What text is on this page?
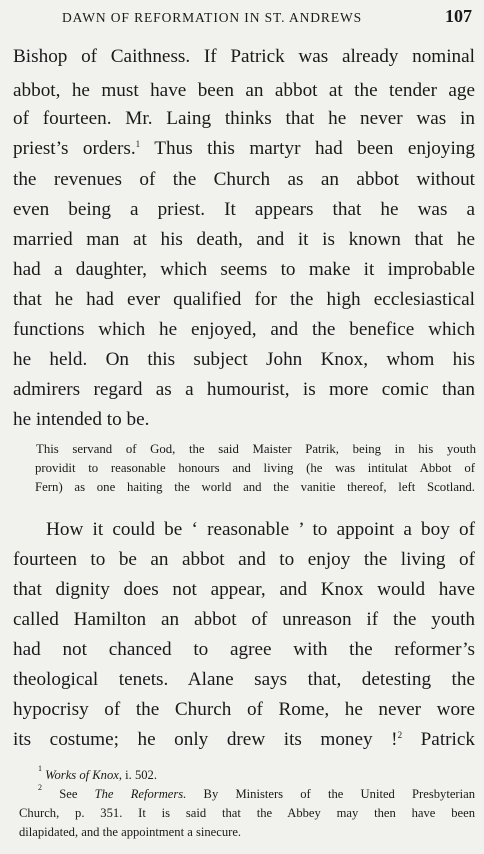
DAWN OF REFORMATION IN ST. ANDREWS	107
Bishop of Caithness. If Patrick was already nominal
abbot, he must have been an abbot at the tender age
of fourteen. Mr. Laing thinks that he never was in
priest’s orders.$^1$ Thus this martyr had been enjoying
the revenues of the Church as an abbot without
even being a priest. It appears that he was a
married man at his death, and it is known that he
had a daughter, which seems to make it improbable
that he had ever qualified for the high ecclesiastical
functions which he enjoyed, and the benefice which
he held. On this subject John Knox, whom his
admirers regard as a humourist, is more comic than
he intended to be.
This servand of God, the said Maister Patrik, being in his youth
providit to reasonable honours and living (he was intitulat Abbot of
Fern) as one haiting the world and the vanitie thereof, left Scotland.
How it could be ‘ reasonable ’ to appoint a boy of
fourteen to be an abbot and to enjoy the living of
that dignity does not appear, and Knox would have
called Hamilton an abbot of unreason if the youth
had not chanced to agree with the reformer’s
theological tenets. Alane says that, detesting the
hypocrisy of the Church of Rome, he never wore
its costume; he only drew its money !$^2$ Patrick
$^1$ Works of Knox, i. 502.
$^2$ See The Reformers. By Ministers of the United Presbyterian
Church, p. 351. It is said that the Abbey may then have been
dilapidated, and the appointment a sinecure.
